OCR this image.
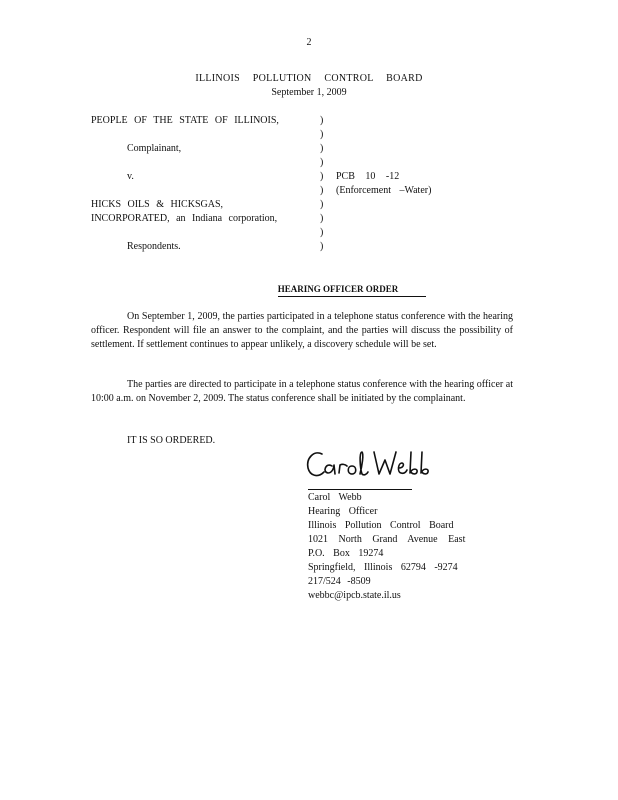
2
ILLINOIS POLLUTION CONTROL BOARD
September 1, 2009
PEOPLE OF THE STATE OF ILLINOIS,
Complainant,
v.
HICKS OILS & HICKSGAS,
INCORPORATED, an Indiana corporation,
Respondents.
)
)
)
)
)
)
)
)
)
)
PCB 10 -12
(Enforcement –Water)
HEARING OFFICER ORDER

On September 1, 2009, the parties participated in a telephone status conference with the hearing officer. Respondent will file an answer to the complaint, and the parties will discuss the possibility of settlement. If settlement continues to appear unlikely, a discovery schedule will be set.

The parties are directed to participate in a telephone status conference with the hearing officer at 10:00 a.m. on November 2, 2009. The status conference shall be initiated by the complainant.

IT IS SO ORDERED.
Carol Webb
Hearing Officer
Illinois Pollution Control Board
1021 North Grand Avenue East
P.O. Box 19274
Springfield, Illinois 62794 -9274
217/524 -8509
webbc@ipcb.state.il.us
